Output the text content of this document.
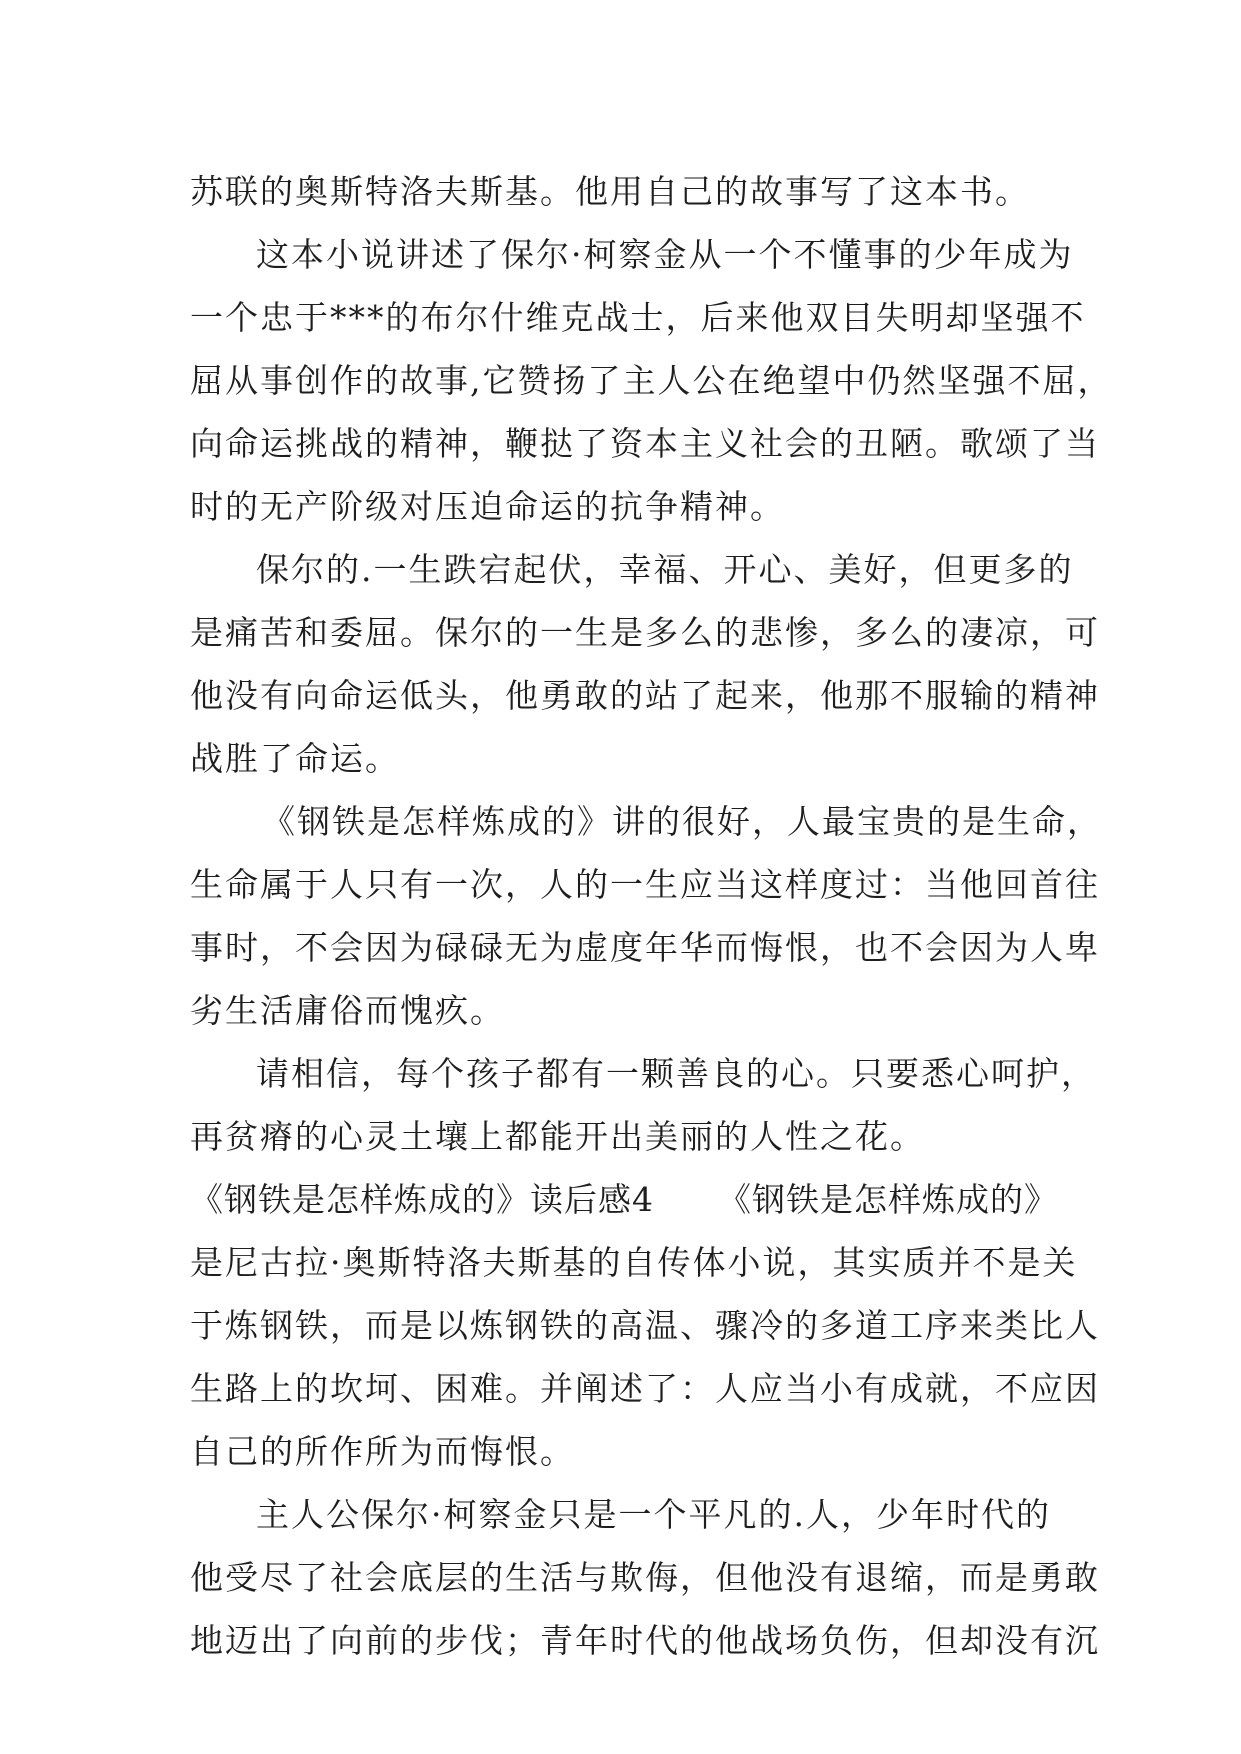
苏联的奥斯特洛夫斯基。他用自己的故事写了这本书。
这本小说讲述了保尔·柯察金从一个不懂事的少年成为
一个忠于***的布尔什维克战士，后来他双目失明却坚强不
屈从事创作的故事,它赞扬了主人公在绝望中仍然坚强不屈，
向命运挑战的精神，鞭挞了资本主义社会的丑陋。歌颂了当
时的无产阶级对压迫命运的抗争精神。
保尔的.一生跌宕起伏，幸福、开心、美好，但更多的
是痛苦和委屈。保尔的一生是多么的悲惨，多么的凄凉，可
他没有向命运低头，他勇敢的站了起来，他那不服输的精神
战胜了命运。
《钢铁是怎样炼成的》讲的很好，人最宝贵的是生命，
生命属于人只有一次，人的一生应当这样度过：当他回首往
事时，不会因为碌碌无为虚度年华而悔恨，也不会因为人卑
劣生活庸俗而愧疚。
请相信，每个孩子都有一颗善良的心。只要悉心呵护，
再贫瘠的心灵土壤上都能开出美丽的人性之花。
《钢铁是怎样炼成的》读后感4 《钢铁是怎样炼成的》
是尼古拉·奥斯特洛夫斯基的自传体小说，其实质并不是关
于炼钢铁，而是以炼钢铁的高温、骤冷的多道工序来类比人
生路上的坎坷、困难。并阐述了：人应当小有成就，不应因
自己的所作所为而悔恨。
主人公保尔·柯察金只是一个平凡的.人，少年时代的
他受尽了社会底层的生活与欺侮，但他没有退缩，而是勇敢
地迈出了向前的步伐；青年时代的他战场负伤，但却没有沉
